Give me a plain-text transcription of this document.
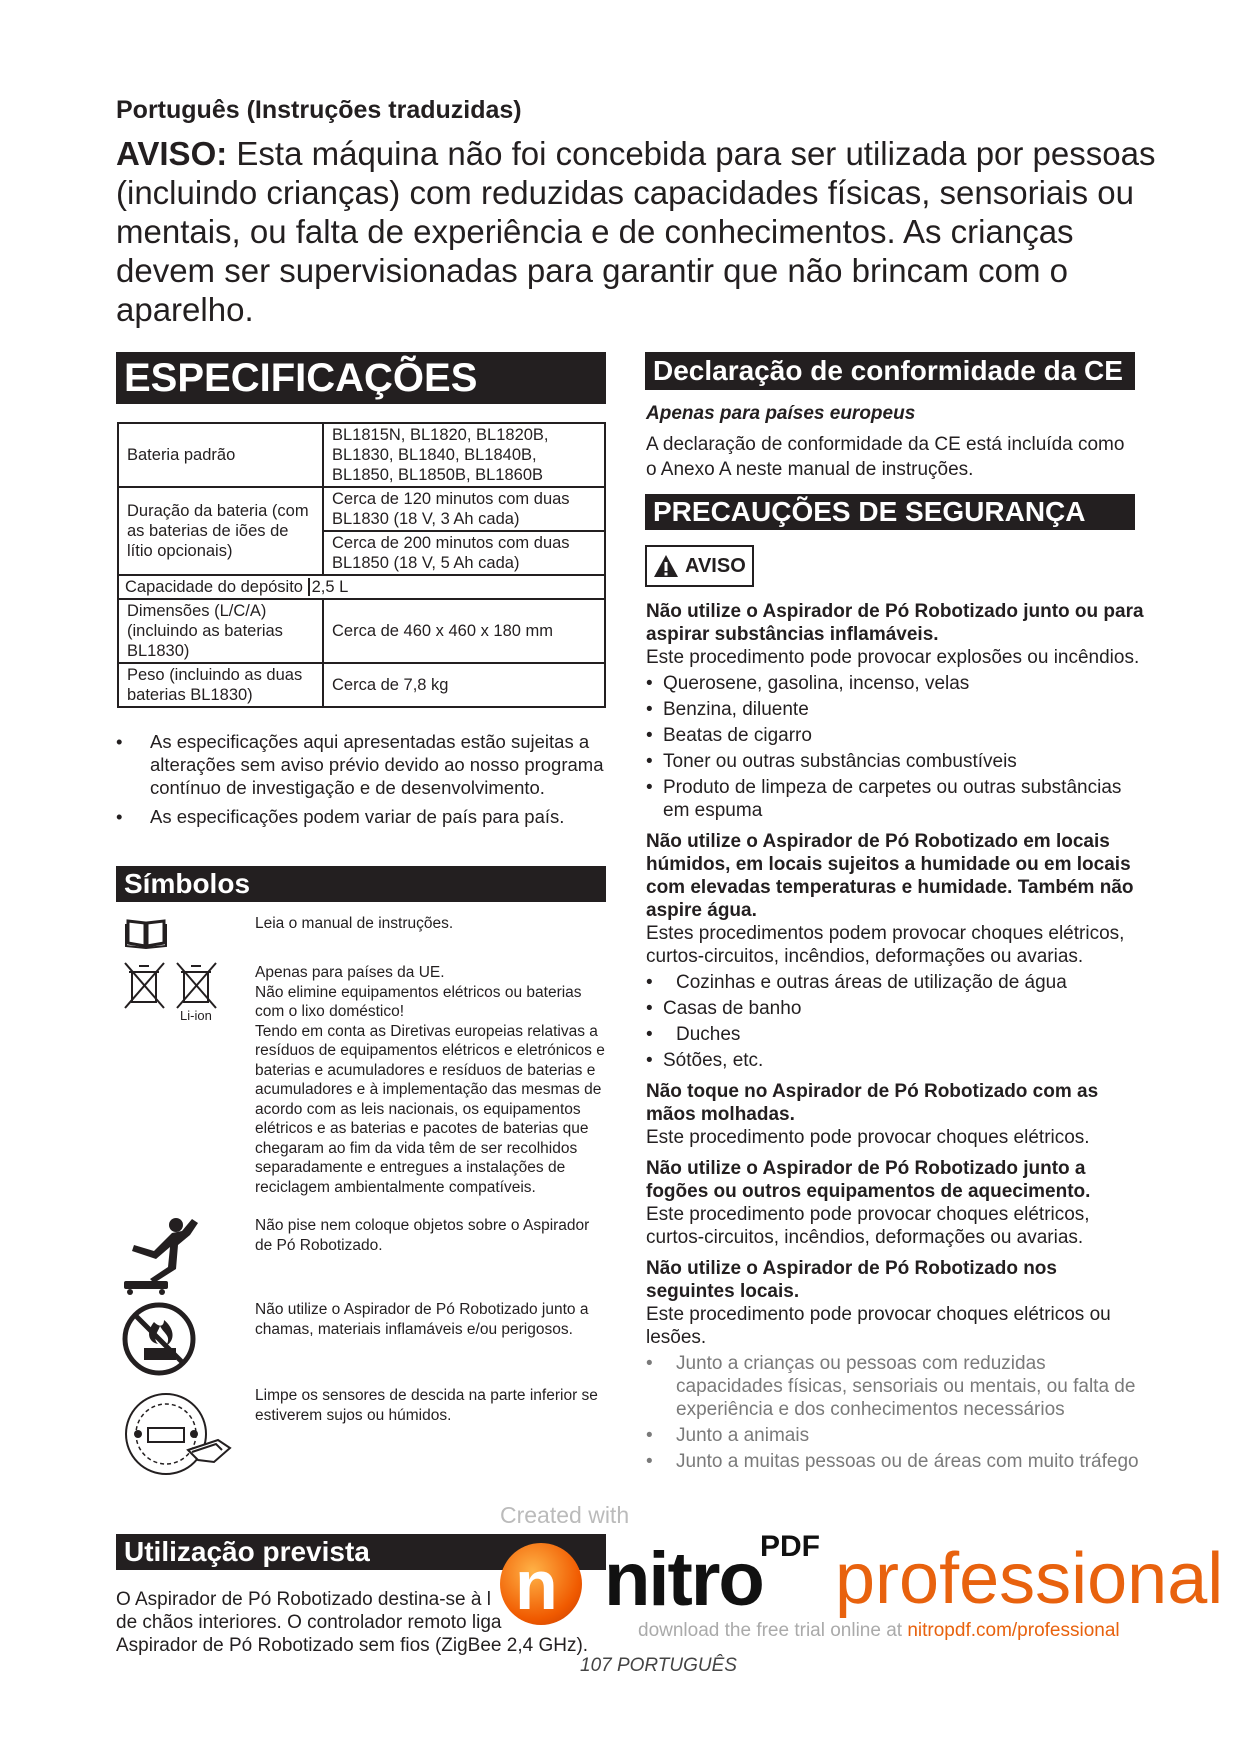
Português (Instruções traduzidas)
AVISO: Esta máquina não foi concebida para ser utilizada por pessoas (incluindo crianças) com reduzidas capacidades físicas, sensoriais ou mentais, ou falta de experiência e de conhecimentos. As crianças devem ser supervisionadas para garantir que não brincam com o aparelho.
ESPECIFICAÇÕES
Bateria padrão	BL1815N, BL1820, BL1820B, BL1830, BL1840, BL1840B, BL1850, BL1850B, BL1860B
Duração da bateria (com as baterias de iões de lítio opcionais)	Cerca de 120 minutos com duas BL1830 (18 V, 3 Ah cada)
	Cerca de 200 minutos com duas BL1850 (18 V, 5 Ah cada)
Capacidade do depósito 2,5 L	
Dimensões (L/C/A) (incluindo as baterias BL1830)	Cerca de 460 x 460 x 180 mm
Peso (incluindo as duas baterias BL1830)	Cerca de 7,8 kg
• As especificações aqui apresentadas estão sujeitas a alterações sem aviso prévio devido ao nosso programa contínuo de investigação e de desenvolvimento.
• As especificações podem variar de país para país.
Símbolos
Leia o manual de instruções.
Li-ion
Apenas para países da UE.
Não elimine equipamentos elétricos ou baterias com o lixo doméstico!
Tendo em conta as Diretivas europeias relativas a resíduos de equipamentos elétricos e eletrónicos e baterias e acumuladores e resíduos de baterias e acumuladores e à implementação das mesmas de acordo com as leis nacionais, os equipamentos elétricos e as baterias e pacotes de baterias que chegaram ao fim da vida têm de ser recolhidos separadamente e entregues a instalações de reciclagem ambientalmente compatíveis.
Não pise nem coloque objetos sobre o Aspirador de Pó Robotizado.
Não utilize o Aspirador de Pó Robotizado junto a chamas, materiais inflamáveis e/ou perigosos.
Limpe os sensores de descida na parte inferior se estiverem sujos ou húmidos.
Utilização prevista
O Aspirador de Pó Robotizado destina-se à l
de chãos interiores. O controlador remoto liga
Aspirador de Pó Robotizado sem fios (ZigBee 2,4 GHz).
Declaração de conformidade da CE
Apenas para países europeus
A declaração de conformidade da CE está incluída como o Anexo A neste manual de instruções.
PRECAUÇÕES DE SEGURANÇA
AVISO
Não utilize o Aspirador de Pó Robotizado junto ou para aspirar substâncias inflamáveis.
Este procedimento pode provocar explosões ou incêndios.
• Querosene, gasolina, incenso, velas
• Benzina, diluente
• Beatas de cigarro
• Toner ou outras substâncias combustíveis
• Produto de limpeza de carpetes ou outras substâncias em espuma
Não utilize o Aspirador de Pó Robotizado em locais húmidos, em locais sujeitos a humidade ou em locais com elevadas temperaturas e humidade. Também não aspire água.
Estes procedimentos podem provocar choques elétricos, curtos-circuitos, incêndios, deformações ou avarias.
• Cozinhas e outras áreas de utilização de água
• Casas de banho
• Duches
• Sótões, etc.
Não toque no Aspirador de Pó Robotizado com as mãos molhadas.
Este procedimento pode provocar choques elétricos.
Não utilize o Aspirador de Pó Robotizado junto a fogões ou outros equipamentos de aquecimento.
Este procedimento pode provocar choques elétricos, curtos-circuitos, incêndios, deformações ou avarias.
Não utilize o Aspirador de Pó Robotizado nos seguintes locais.
Este procedimento pode provocar choques elétricos ou lesões.
• Junto a crianças ou pessoas com reduzidas capacidades físicas, sensoriais ou mentais, ou falta de experiência e dos conhecimentos necessários
• Junto a animais
• Junto a muitas pessoas ou de áreas com muito tráfego
Created with
n nitro
PDF professional
download the free trial online at nitropdf.com/professional
107 PORTUGUÊS
